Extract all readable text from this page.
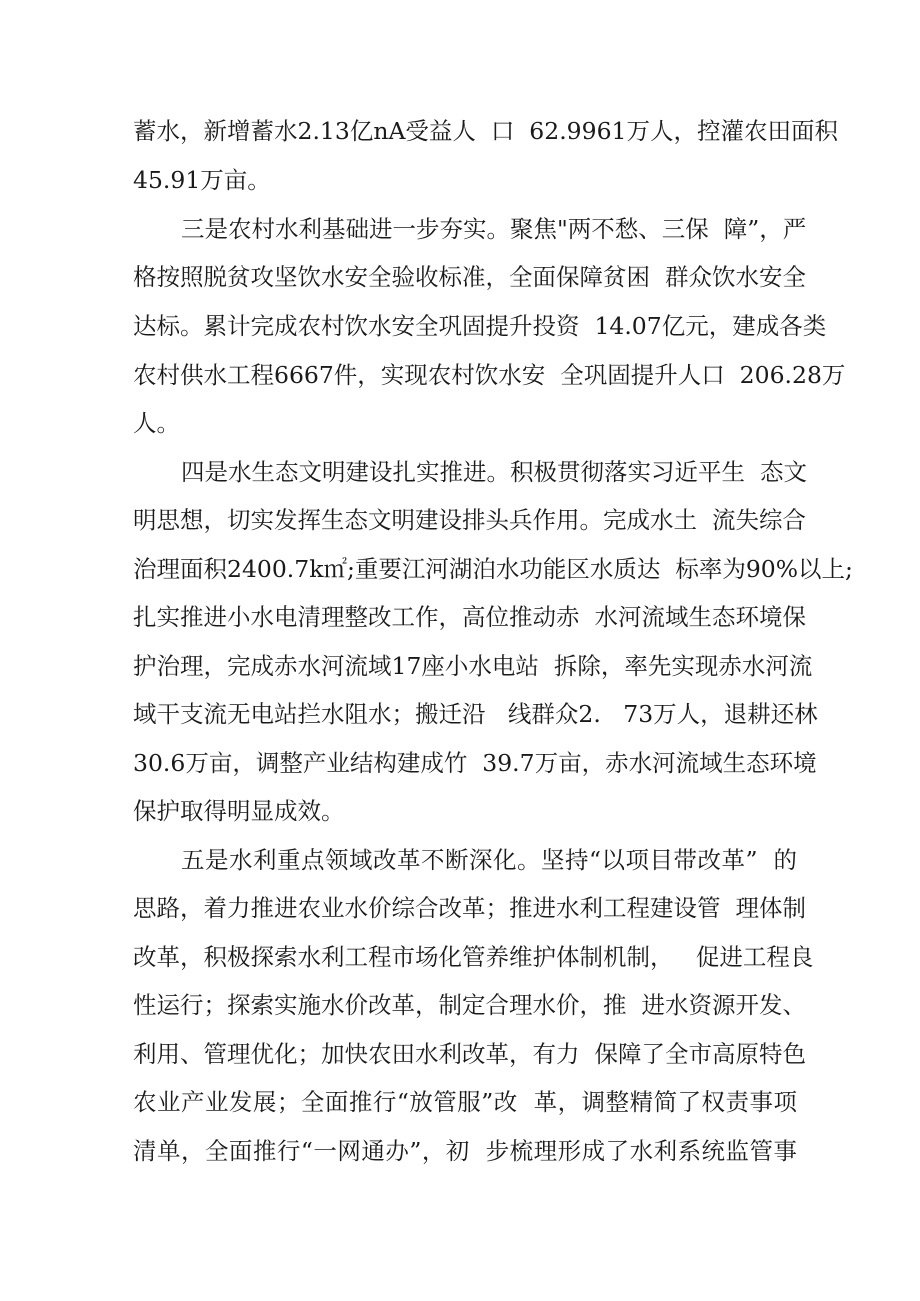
蓄水，新增蓄水2.13亿nA受益人  口  62.9961万人，控灌农田面积
45.91万亩。
三是农村水利基础进一步夯实。聚焦"两不愁、三保  障”，严
格按照脱贫攻坚饮水安全验收标准，全面保障贫困  群众饮水安全
达标。累计完成农村饮水安全巩固提升投资  14.07亿元，建成各类
农村供水工程6667件，实现农村饮水安  全巩固提升人口  206.28万
人。
四是水生态文明建设扎实推进。积极贯彻落实习近平生  态文
明思想，切实发挥生态文明建设排头兵作用。完成水土  流失综合
治理面积2400.7k㎡;重要江河湖泊水功能区水质达  标率为90%以上;
扎实推进小水电清理整改工作，高位推动赤  水河流域生态环境保
护治理，完成赤水河流域17座小水电站  拆除，率先实现赤水河流
域干支流无电站拦水阻水；搬迁沿   线群众2.   73万人，退耕还林
30.6万亩，调整产业结构建成竹  39.7万亩，赤水河流域生态环境
保护取得明显成效。
五是水利重点领域改革不断深化。坚持“以项目带改革”  的
思路，着力推进农业水价综合改革；推进水利工程建设管  理体制
改革，积极探索水利工程市场化管养维护体制机制，   促进工程良
性运行；探索实施水价改革，制定合理水价，推  进水资源开发、
利用、管理优化；加快农田水利改革，有力  保障了全市高原特色
农业产业发展；全面推行“放管服”改  革，调整精简了权责事项
清单，全面推行“一网通办”，初  步梳理形成了水利系统监管事
